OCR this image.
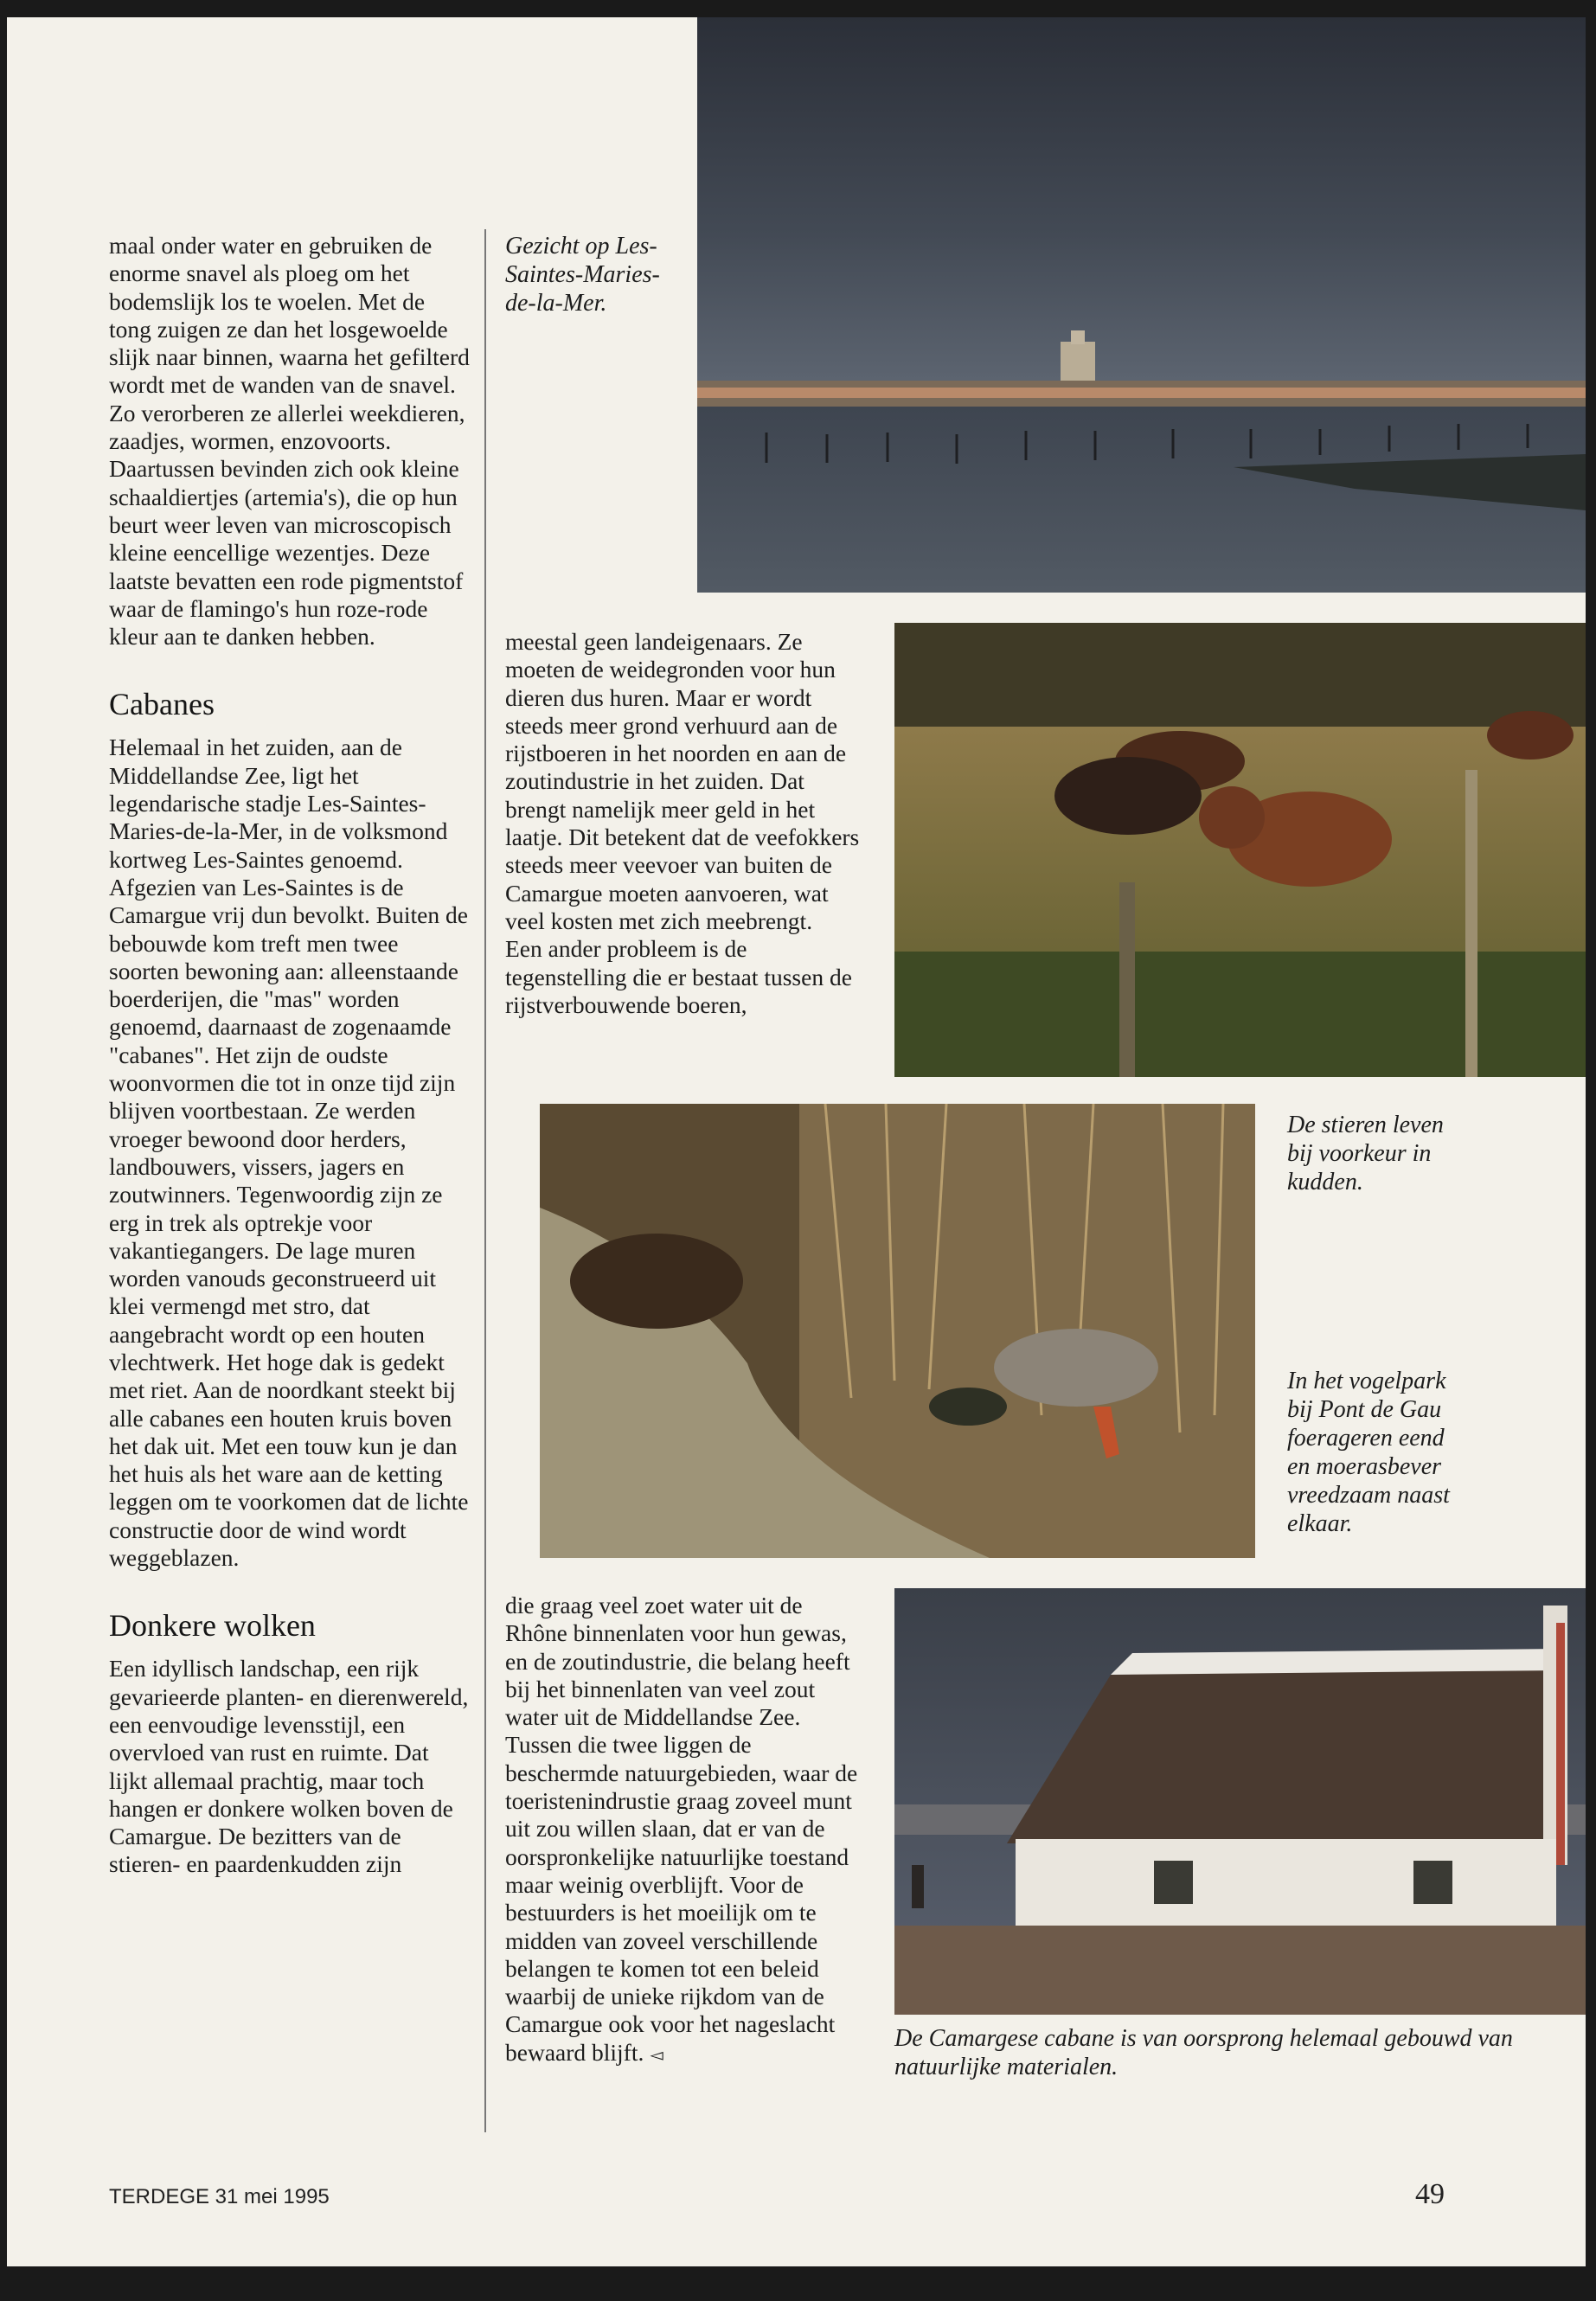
maal onder water en gebruiken de enorme snavel als ploeg om het bodemslijk los te woelen. Met de tong zuigen ze dan het losgewoelde slijk naar binnen, waarna het gefilterd wordt met de wanden van de snavel. Zo verorberen ze allerlei weekdieren, zaadjes, wormen, enzovoorts. Daartussen bevinden zich ook kleine schaaldiertjes (artemia's), die op hun beurt weer leven van microscopisch kleine eencellige wezentjes. Deze laatste bevatten een rode pigmentstof waar de flamingo's hun roze-rode kleur aan te danken hebben.

Cabanes

Helemaal in het zuiden, aan de Middellandse Zee, ligt het legendarische stadje Les-Saintes-Maries-de-la-Mer, in de volksmond kortweg Les-Saintes genoemd.

Afgezien van Les-Saintes is de Camargue vrij dun bevolkt. Buiten de bebouwde kom treft men twee soorten bewoning aan: alleenstaande boerderijen, die "mas" worden genoemd, daarnaast de zogenaamde "cabanes". Het zijn de oudste woonvormen die tot in onze tijd zijn blijven voortbestaan. Ze werden vroeger bewoond door herders, landbouwers, vissers, jagers en zoutwinners. Tegenwoordig zijn ze erg in trek als optrekje voor vakantiegangers. De lage muren worden vanouds geconstrueerd uit klei vermengd met stro, dat aangebracht wordt op een houten vlechtwerk. Het hoge dak is gedekt met riet. Aan de noordkant steekt bij alle cabanes een houten kruis boven het dak uit. Met een touw kun je dan het huis als het ware aan de ketting leggen om te voorkomen dat de lichte constructie door de wind wordt weggeblazen.

Donkere wolken

Een idyllisch landschap, een rijk gevarieerde planten- en dierenwereld, een eenvoudige levensstijl, een overvloed van rust en ruimte. Dat lijkt allemaal prachtig, maar toch hangen er donkere wolken boven de Camargue. De bezitters van de stieren- en paardenkudden zijn

Gezicht op Les-Saintes-Maries-de-la-Mer.

meestal geen landeigenaars. Ze moeten de weidegronden voor hun dieren dus huren. Maar er wordt steeds meer grond verhuurd aan de rijstboeren in het noorden en aan de zoutindustrie in het zuiden. Dat brengt namelijk meer geld in het laatje. Dit betekent dat de veefokkers steeds meer veevoer van buiten de Camargue moeten aanvoeren, wat veel kosten met zich meebrengt.

Een ander probleem is de tegenstelling die er bestaat tussen de rijstverbouwende boeren,

De stieren leven bij voorkeur in kudden.

In het vogelpark bij Pont de Gau foerageren eend en moerasbever vreedzaam naast elkaar.

die graag veel zoet water uit de Rhône binnenlaten voor hun gewas, en de zoutindustrie, die belang heeft bij het binnenlaten van veel zout water uit de Middellandse Zee. Tussen die twee liggen de beschermde natuurgebieden, waar de toeristenindrustie graag zoveel munt uit zou willen slaan, dat er van de oorspronkelijke natuurlijke toestand maar weinig overblijft. Voor de bestuurders is het moeilijk om te midden van zoveel verschillende belangen te komen tot een beleid waarbij de unieke rijkdom van de Camargue ook voor het nageslacht bewaard blijft. ◅

De Camargese cabane is van oorsprong helemaal gebouwd van natuurlijke materialen.

TERDEGE 31 mei 1995	49
